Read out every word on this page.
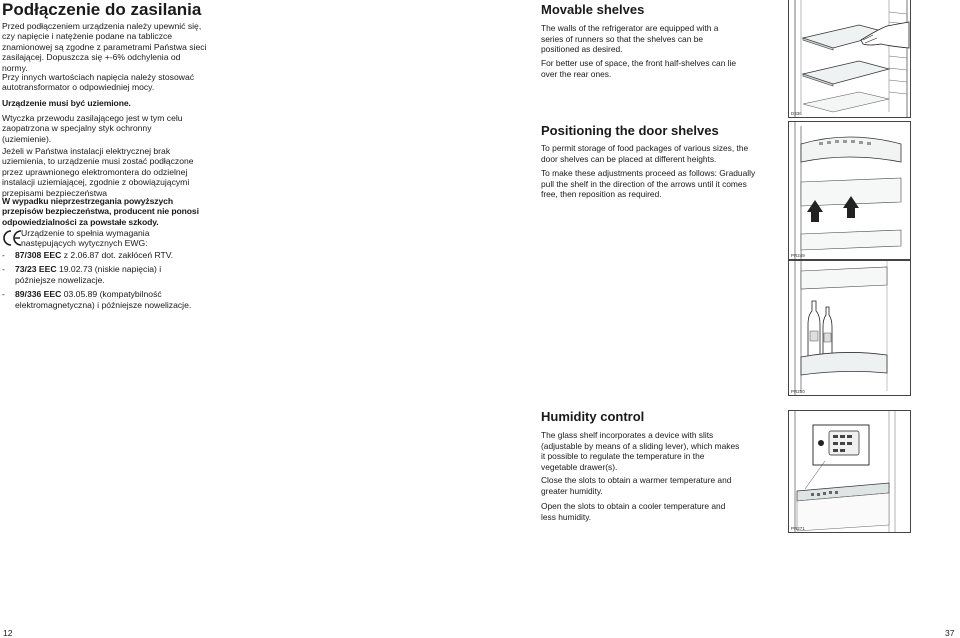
Podłączenie do zasilania

Przed podłączeniem urządzenia należy upewnić się, czy napięcie i natężenie podane na tabliczce znamionowej są zgodne z parametrami Państwa sieci zasilającej. Dopuszcza się +-6% odchylenia od normy.

Przy innych wartościach napięcia należy stosować autotransformator o odpowiedniej mocy.

Urządzenie musi być uziemione.

Wtyczka przewodu zasilającego jest w tym celu zaopatrzona w specjalny styk ochronny (uziemienie).

Jeżeli w Państwa instalacji elektrycznej brak uziemienia, to urządzenie musi zostać podłączone przez uprawnionego elektromontera do odzielnej instalacji uziemiającej, zgodnie z obowiązującymi przepisami bezpieczeństwa

W wypadku nieprzestrzegania powyższych przepisów bezpieczeństwa, producent nie ponosi odpowiedzialności za powstałe szkody.

Urządzenie to spełnia wymagania następujących wytycznych EWG:

- 87/308 EEC z 2.06.87 dot. zakłóceń RTV.
- 73/23 EEC 19.02.73 (niskie napięcia) i późniejsze nowelizacje.
- 89/336 EEC 03.05.89 (kompatybilność elektromagnetyczna) i późniejsze nowelizacje.
12
Movable shelves

The walls of the refrigerator are equipped with a series of runners so that the shelves can be positioned as desired.

For better use of space, the front half-shelves can lie over the rear ones.

Positioning the door shelves

To permit storage of food packages of various sizes, the door shelves can be placed at different heights.

To make these adjustments proceed as follows: Gradually pull the shelf in the direction of the arrows until it comes free, then reposition as required.

Humidity control

The glass shelf incorporates a device with slits (adjustable by means of a sliding lever), which makes it possible to regulate the temperature in the vegetable drawer(s).

Close the slots to obtain a warmer temperature and greater humidity.

Open the slots to obtain a cooler temperature and less humidity.

37
D336
PR249
PR250
PR271
